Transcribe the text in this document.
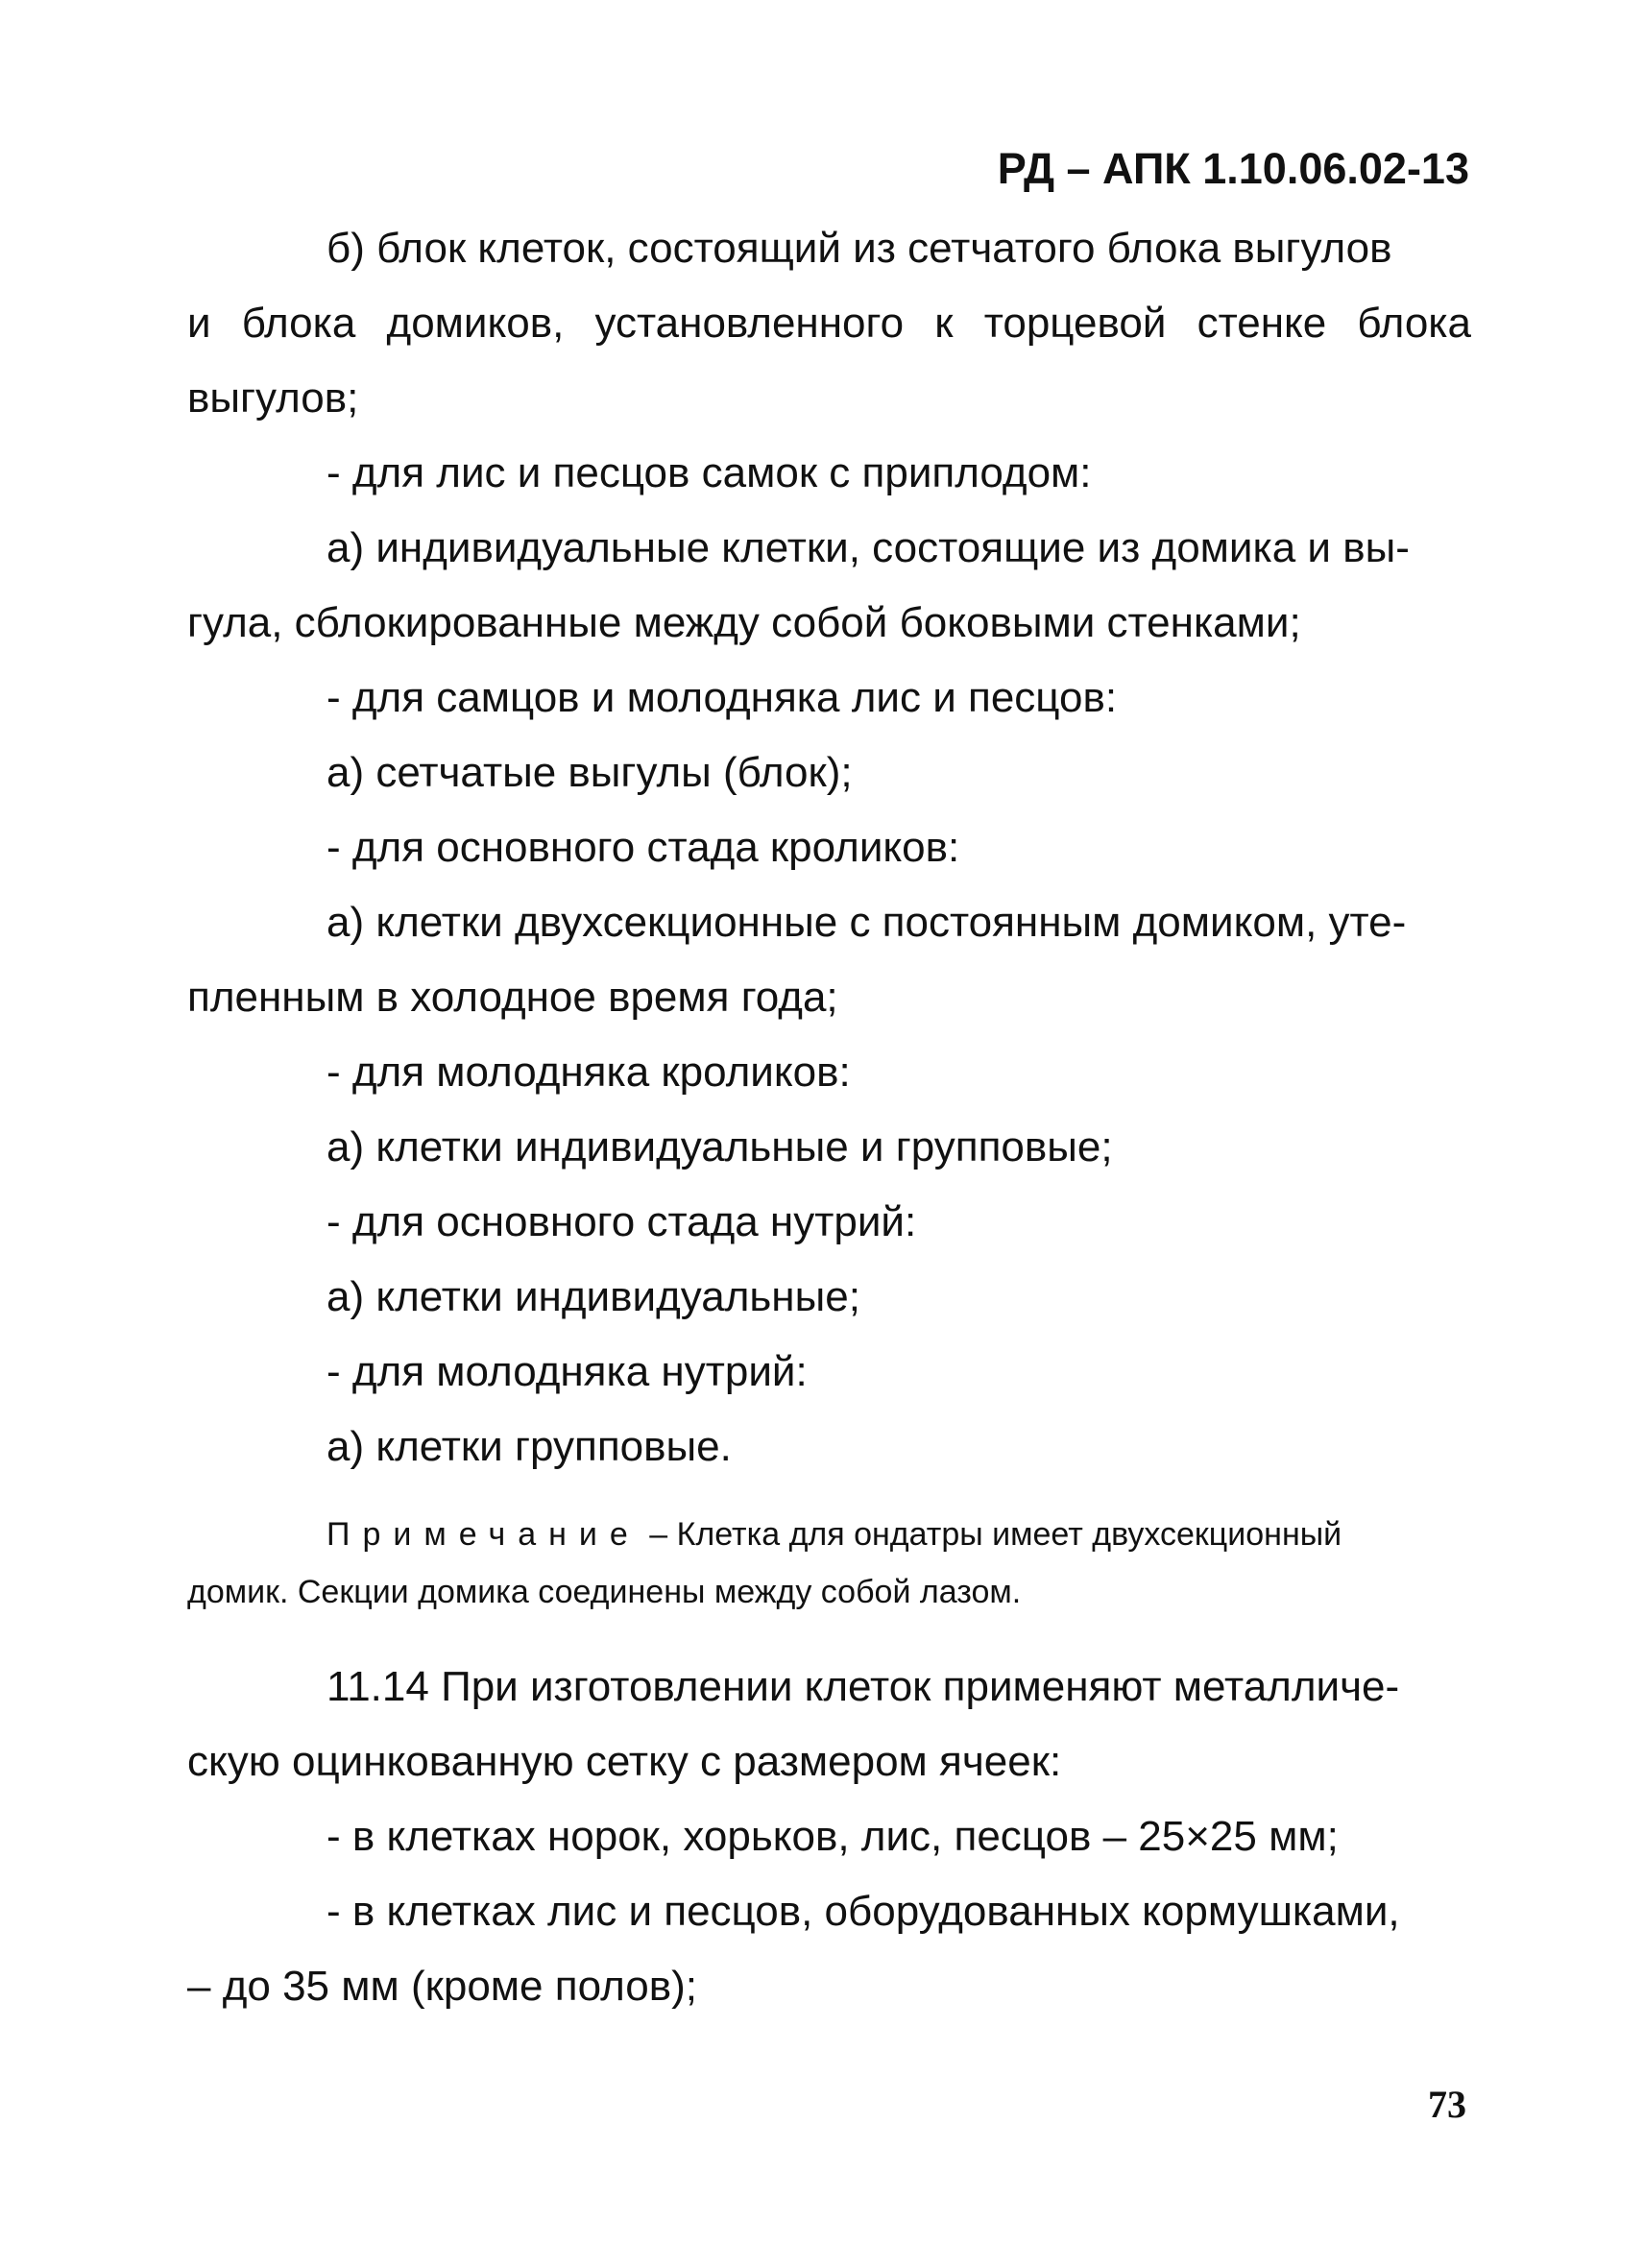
РД – АПК 1.10.06.02-13

б) блок клеток, состоящий из сетчатого блока выгулов

и блока домиков, установленного к торцевой стенке блока

выгулов;

- для лис и песцов самок с приплодом:

а) индивидуальные клетки, состоящие из домика и вы-

гула, сблокированные между собой боковыми стенками;

- для самцов и молодняка лис и песцов:

а) сетчатые выгулы (блок);

- для основного стада кроликов:

а) клетки двухсекционные с постоянным домиком, уте-

пленным в холодное время года;

- для молодняка кроликов:

а) клетки индивидуальные и групповые;

- для основного стада нутрий:

а) клетки индивидуальные;

- для молодняка нутрий:

а) клетки групповые.

Примечание – Клетка для ондатры имеет двухсекционный

домик. Секции домика соединены между собой лазом.

11.14 При изготовлении клеток применяют металличе-

скую оцинкованную сетку с размером ячеек:

- в клетках норок, хорьков, лис, песцов – 25×25 мм;

- в клетках лис и песцов, оборудованных кормушками,

– до 35 мм (кроме полов);

73
